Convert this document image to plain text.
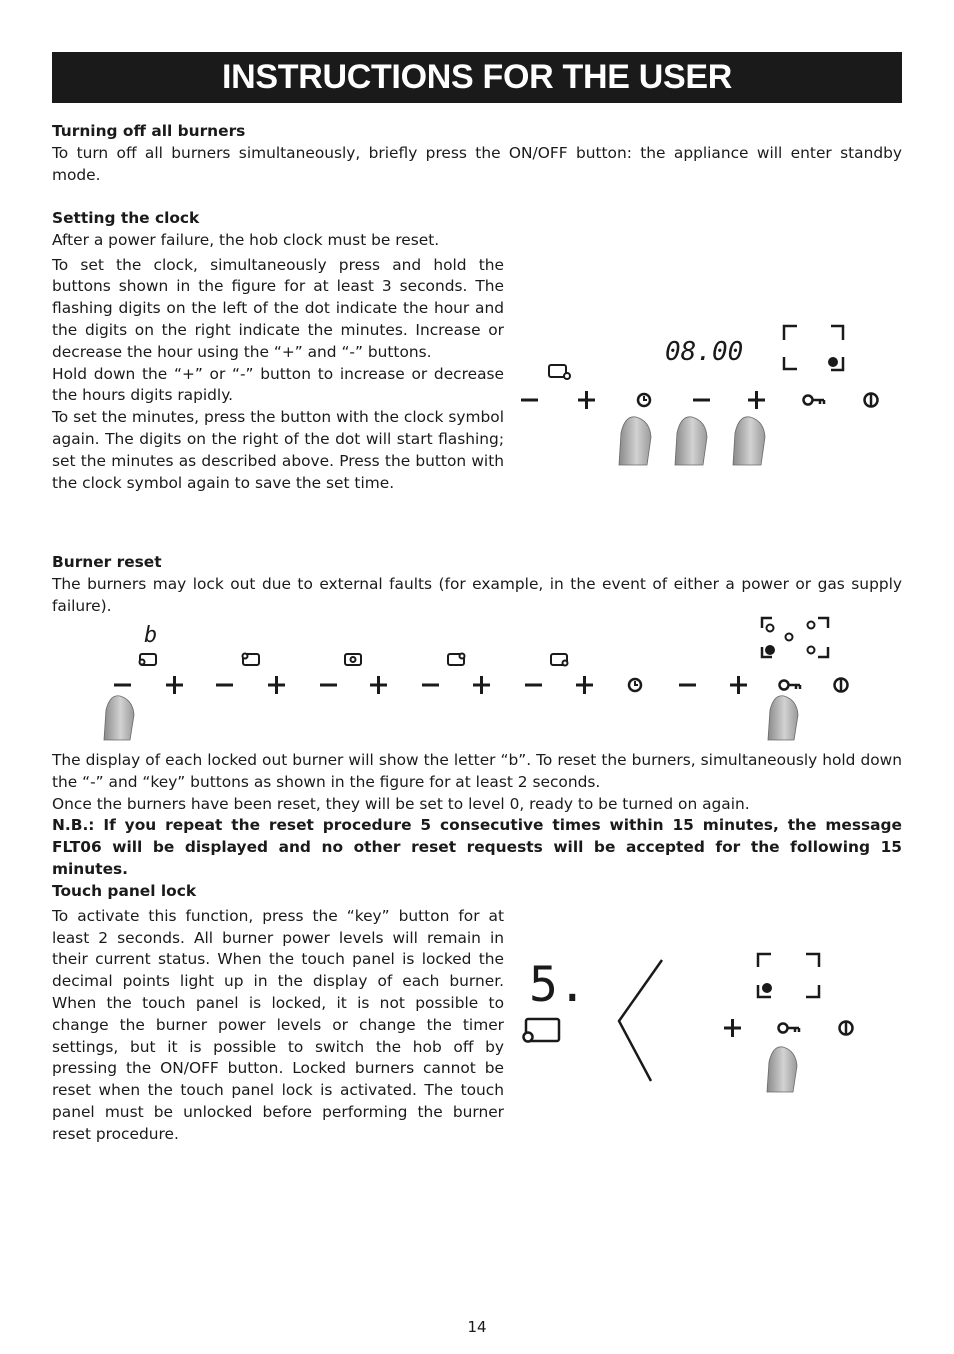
INSTRUCTIONS FOR THE USER
Turning off all burners

To turn off all burners simultaneously, briefly press the ON/OFF button: the appliance will enter standby mode.

Setting the clock

After a power failure, the hob clock must be reset.

To set the clock, simultaneously press and hold the buttons shown in the figure for at least 3 seconds. The flashing digits on the left of the dot indicate the hour and the digits on the right indicate the minutes. Increase or decrease the hour using the “+” and “-” buttons.

Hold down the “+” or “-” button to increase or decrease the hours digits rapidly.

To set the minutes, press the button with the clock symbol again. The digits on the right of the dot will start flashing; set the minutes as described above. Press the button with the clock symbol again to save the set time.

08.00
Burner reset

The burners may lock out due to external faults (for example, in the event of either a power or gas supply failure).

b

The display of each locked out burner will show the letter “b”. To reset the burners, simultaneously hold down the “-” and “key” buttons as shown in the figure for at least 2 seconds.

Once the burners have been reset, they will be set to level 0, ready to be turned on again.

N.B.: If you repeat the reset procedure 5 consecutive times within 15 minutes, the message FLT06 will be displayed and no other reset requests will be accepted for the following 15 minutes.

Touch panel lock

To activate this function, press the “key” button for at least 2 seconds. All burner power levels will remain in their current status. When the touch panel is locked the decimal points light up in the display of each burner. When the touch panel is locked, it is not possible to change the burner power levels or change the timer settings, but it is possible to switch the hob off by pressing the ON/OFF button. Locked burners cannot be reset when the touch panel lock is activated. The touch panel must be unlocked before performing the burner reset procedure.

5.
14
